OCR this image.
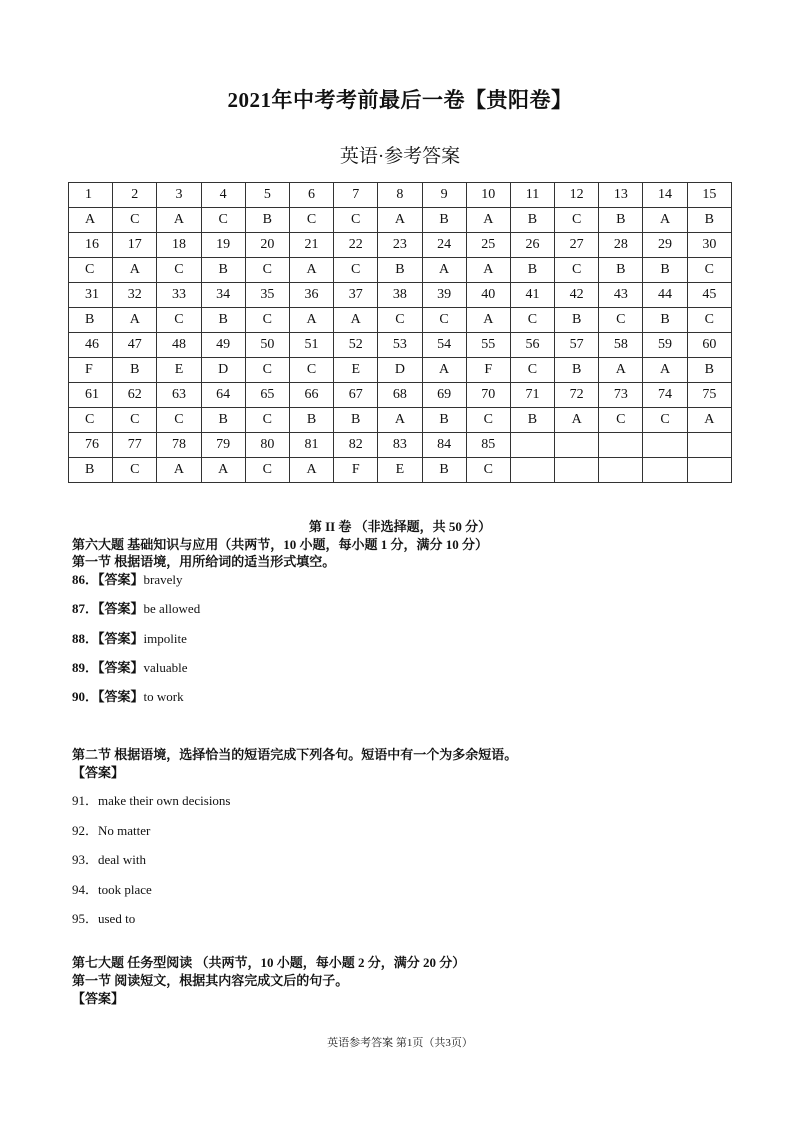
2021年中考考前最后一卷【贵阳卷】
英语·参考答案
1	2	3	4	5	6	7	8	9	10	11	12	13	14	15
A	C	A	C	B	C	C	A	B	A	B	C	B	A	B
16	17	18	19	20	21	22	23	24	25	26	27	28	29	30
C	A	C	B	C	A	C	B	A	A	B	C	B	B	C
31	32	33	34	35	36	37	38	39	40	41	42	43	44	45
B	A	C	B	C	A	A	C	C	A	C	B	C	B	C
46	47	48	49	50	51	52	53	54	55	56	57	58	59	60
F	B	E	D	C	C	E	D	A	F	C	B	A	A	B
61	62	63	64	65	66	67	68	69	70	71	72	73	74	75
C	C	C	B	C	B	B	A	B	C	B	A	C	C	A
76	77	78	79	80	81	82	83	84	85					
B	C	A	A	C	A	F	E	B	C					
第 II 卷 （非选择题，共 50 分）
第六大题 基础知识与应用（共两节，10 小题，每小题 1 分，满分 10 分）
第一节 根据语境，用所给词的适当形式填空。
86．【答案】bravely
87．【答案】be allowed
88．【答案】impolite
89．【答案】valuable
90．【答案】to work
第二节 根据语境，选择恰当的短语完成下列各句。短语中有一个为多余短语。
【答案】
91．make their own decisions
92．No matter
93．deal with
94．took place
95．used to
第七大题 任务型阅读 （共两节，10 小题，每小题 2 分，满分 20 分）
第一节 阅读短文，根据其内容完成文后的句子。
【答案】
英语参考答案 第1页（共3页）
